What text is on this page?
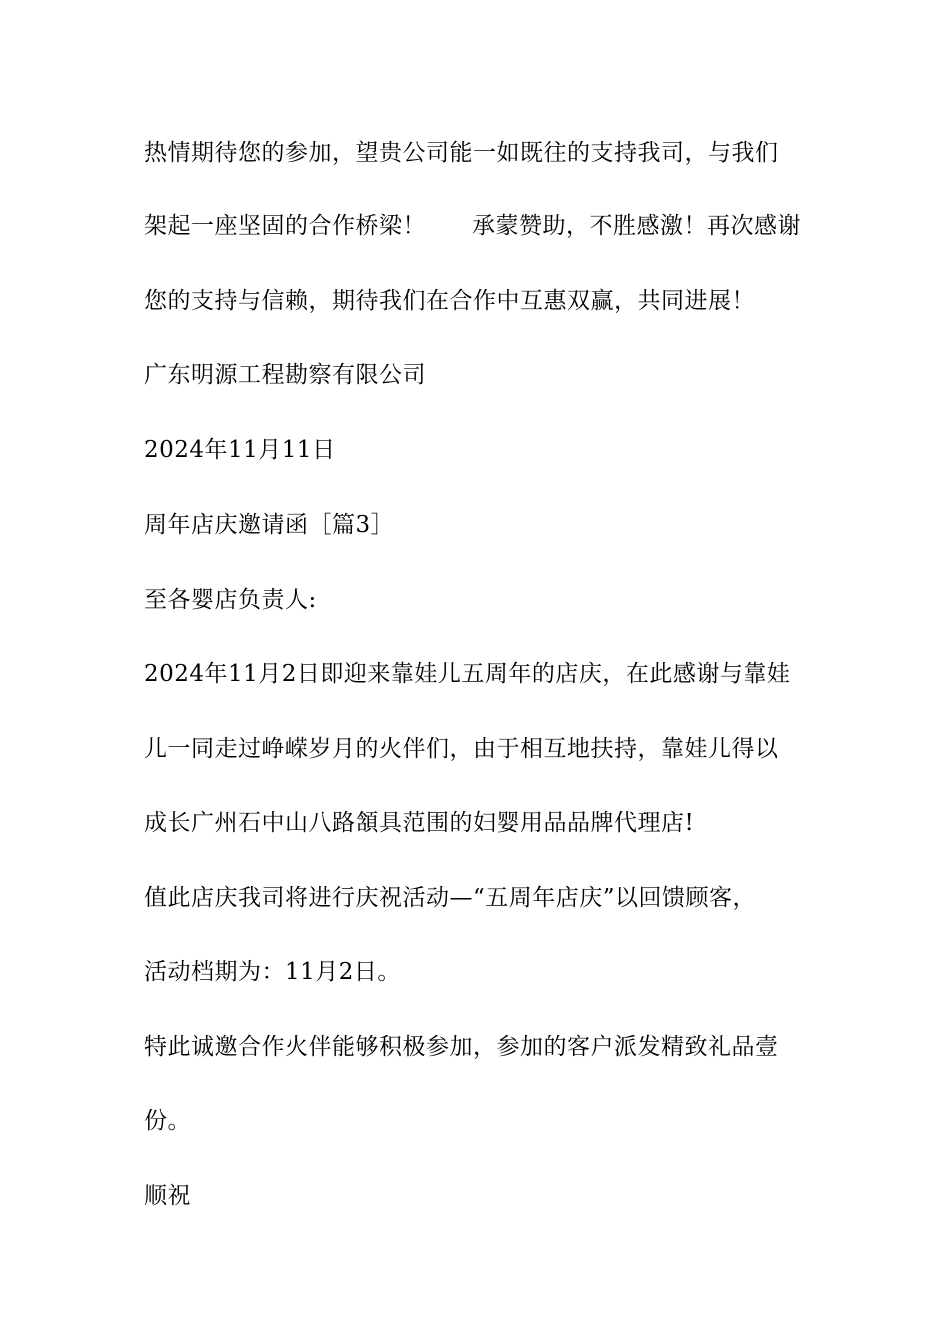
热情期待您的参加，望贵公司能一如既往的支持我司，与我们
架起一座坚固的合作桥梁！ 承蒙赞助，不胜感激！再次感谢
您的支持与信赖，期待我们在合作中互惠双赢，共同进展！
广东明源工程勘察有限公司
2024年11月11日
周年店庆邀请函［篇3］
至各婴店负责人:
2024年11月2日即迎来靠娃儿五周年的店庆，在此感谢与靠娃
儿一同走过峥嵘岁月的火伴们，由于相互地扶持，靠娃儿得以
成长广州石中山八路頷具范围的妇婴用品品牌代理店!
值此店庆我司将进行庆祝活动—“五周年店庆”以回馈顾客，
活动档期为：11月2日。
特此诚邀合作火伴能够积极参加，参加的客户派发精致礼品壹
份。
顺祝
